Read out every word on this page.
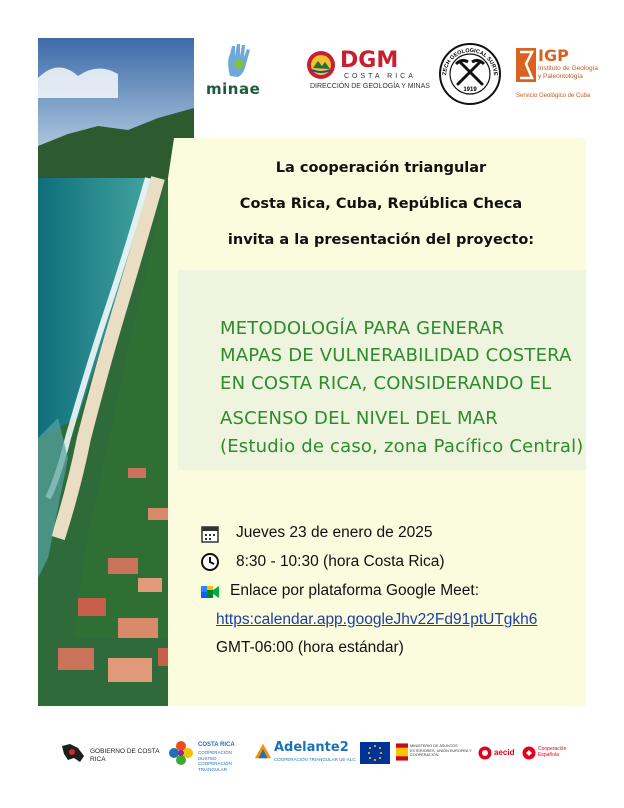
minae
DGM
COSTA RICA
DIRECCIÓN DE GEOLOGÍA Y MINAS	1919
ZECH GEOLOGICAL SURVE
IGP
Instituto de Geología y Paleontología
Servicio Geológico de Cuba
La cooperación triangular
Costa Rica, Cuba, República Checa
invita a la presentación del proyecto:
METODOLOGÍA PARA GENERAR
MAPAS DE VULNERABILIDAD COSTERA
EN COSTA RICA, CONSIDERANDO EL
ASCENSO DEL NIVEL DEL MAR
(Estudio de caso, zona Pacífico Central)
Jueves 23 de enero de 2025
8:30 - 10:30 (hora Costa Rica)
Enlace por plataforma Google Meet:
https:calendar.app.googleJhv22Fd91ptUTgkh6
GMT-06:00 (hora estándar)
GOBIERNO DE COSTA RICA
COSTA RICA
COOPERACIÓN DUSTED COOPERACIÓN TRIANGULAR
Adelante2
COOPERACIÓN TRIANGULAR UE-ALC
MINISTERIO DE ASUNTOS EXTERIORES, UNIÓN EUROPEA Y COOPERACIÓN	aecid	Cooperación Española
